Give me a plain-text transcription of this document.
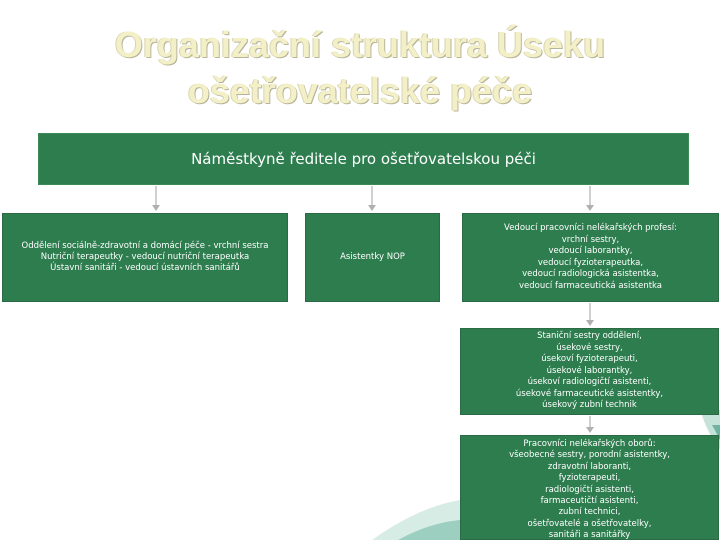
Organizační struktura Úseku
ošetřovatelské péče
Náměstkyně ředitele pro ošetřovatelskou péči
Oddělení sociálně-zdravotní a domácí péče - vrchní sestra
Nutriční terapeutky - vedoucí nutriční terapeutka
Ústavní sanitáři - vedoucí ústavních sanitářů
Asistentky NOP
Vedoucí pracovníci nelékařských profesí:
vrchní sestry,
vedoucí laborantky,
vedoucí fyzioterapeutka,
vedoucí radiologická asistentka,
vedoucí farmaceutická asistentka
Staniční sestry oddělení,
úsekové sestry,
úsekoví fyzioterapeuti,
úsekové laborantky,
úsekoví radiologičtí asistenti,
úsekové farmaceutické asistentky,
úsekový zubní technik
Pracovníci nelékařských oborů:
všeobecné sestry, porodní asistentky,
zdravotní laboranti,
fyzioterapeuti,
radiologičtí asistenti,
farmaceutičtí asistenti,
zubní technici,
ošetřovatelé a ošetřovatelky,
sanitáři a sanitářky
